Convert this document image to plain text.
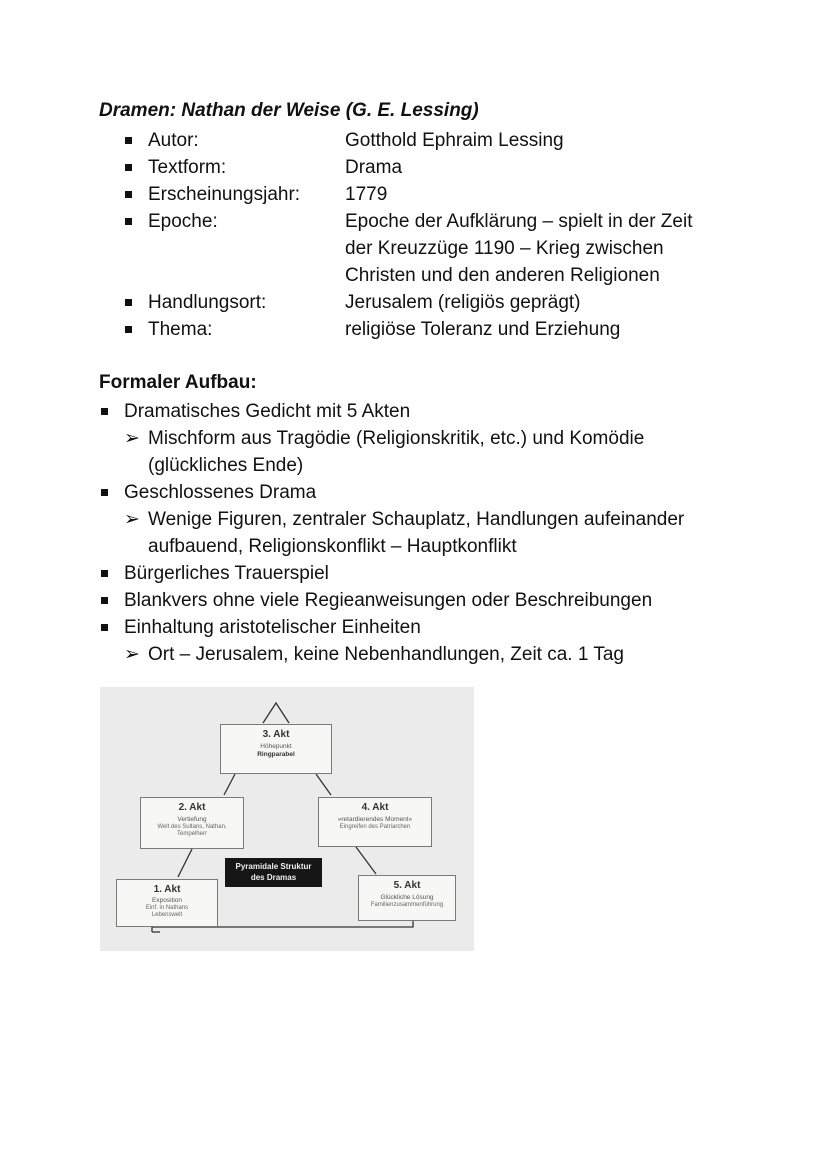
Dramen: Nathan der Weise (G. E. Lessing)
Autor:	Gotthold Ephraim Lessing
Textform:	Drama
Erscheinungsjahr: 1779
Epoche:	Epoche der Aufklärung – spielt in der Zeit
der Kreuzzüge 1190 – Krieg zwischen
Christen und den anderen Religionen
Handlungsort:	Jerusalem (religiös geprägt)
Thema:	religiöse Toleranz und Erziehung
Formaler Aufbau:
Dramatisches Gedicht mit 5 Akten
➢ Mischform aus Tragödie (Religionskritik, etc.) und Komödie
(glückliches Ende)
Geschlossenes Drama
➢ Wenige Figuren, zentraler Schauplatz, Handlungen aufeinander
aufbauend, Religionskonflikt – Hauptkonflikt
Bürgerliches Trauerspiel
Blankvers ohne viele Regieanweisungen oder Beschreibungen
Einhaltung aristotelischer Einheiten
➢ Ort – Jerusalem, keine Nebenhandlungen, Zeit ca. 1 Tag
3. Akt
Höhepunkt
Ringparabel
2. Akt
Vertiefung
Welt des Sultans, Nathan,
Tempelherr
4. Akt
»retardierendes Moment«
Eingreifen des Patriarchen
Pyramidale Struktur
des Dramas
1. Akt
Exposition
Einf. in Nathans
Lebenswelt
5. Akt
Glückliche Lösung
Familienzusammenführung
